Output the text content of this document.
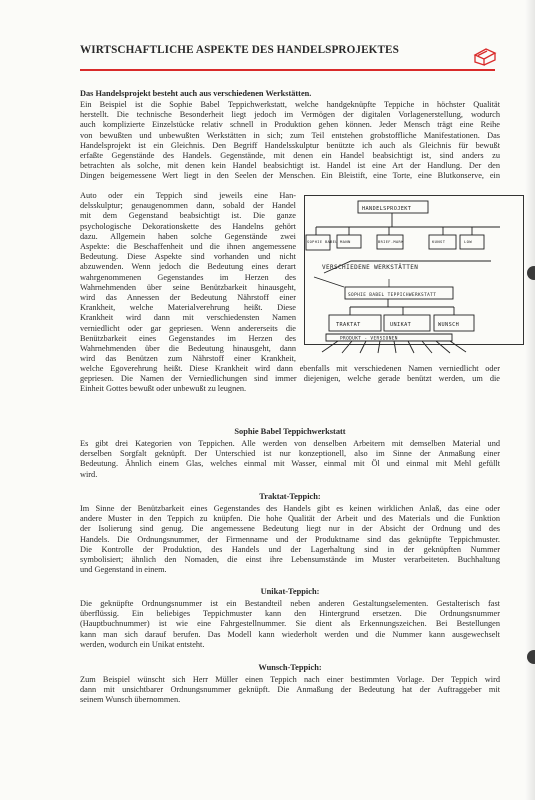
WIRTSCHAFTLICHE ASPEKTE DES HANDELSPROJEKTES
Das Handelsprojekt besteht auch aus verschiedenen Werkstätten.
Ein Beispiel ist die Sophie Babel Teppichwerkstatt, welche handgeknüpfte Teppiche in höchster Qualität
herstellt. Die technische Besonderheit liegt jedoch im Vermögen der digitalen Vorlagenerstellung, wodurch
auch komplizierte Einzelstücke relativ schnell in Produktion gehen können. Jeder Mensch trägt eine Reihe
von bewußten und unbewußten Werkstätten in sich; zum Teil entstehen grobstoffliche Manifestationen. Das
Handelsprojekt ist ein Gleichnis. Den Begriff Handelsskulptur benützte ich auch als Gleichnis für bewußt
erfaßte Gegenstände des Handels. Gegenstände, mit denen ein Handel beabsichtigt ist, sind anders zu
betrachten als solche, mit denen kein Handel beabsichtigt ist. Handel ist eine Art der Handlung. Der den
Dingen beigemessene Wert liegt in den Seelen der Menschen. Ein Bleistift, eine Torte, eine Blutkonserve, ein
Auto oder ein Teppich sind jeweils eine Han-
delsskulptur; genaugenommen dann, sobald der Handel
mit dem Gegenstand beabsichtigt ist. Die ganze
psychologische Dekorationskette des Handelns gehört
dazu. Allgemein haben solche Gegenstände zwei
Aspekte: die Beschaffenheit und die ihnen angemessene
Bedeutung. Diese Aspekte sind vorhanden und nicht
abzuwenden. Wenn jedoch die Bedeutung eines derart
wahrgenommenen Gegenstandes im Herzen des
Wahrnehmenden über seine Benützbarkeit hinausgeht,
wird das Annessen der Bedeutung Nährstoff einer
Krankheit, welche Materialverehrung heißt. Diese
Krankheit wird dann mit verschiedensten Namen
verniedlicht oder gar gepriesen. Wenn andererseits die
Benützbarkeit eines Gegenstandes im Herzen des
Wahrnehmenden über die Bedeutung hinausgeht, dann
wird das Benützen zum Nährstoff einer Krankheit,
welche Egoverehrung heißt. Diese Krankheit wird dann ebenfalls mit verschiedenen Namen verniedlicht oder
gepriesen. Die Namen der Verniedlichungen sind immer diejenigen, welche gerade benützt werden, um die
Einheit Gottes bewußt oder unbewußt zu leugnen.
HANDELSPROJEKT
SOPHIE BABEL MANN	BRIEF-MARK	KUNST	LOW
VERSCHIEDENE WERKSTÄTTEN
SOPHIE BABEL TEPPICHWERKSTATT
TRAKTAT	UNIKAT	WUNSCH
PRODUKT - VERSIONEN
Sophie Babel Teppichwerkstatt
Es gibt drei Kategorien von Teppichen. Alle werden von denselben Arbeitern mit demselben Material und
derselben Sorgfalt geknüpft. Der Unterschied ist nur konzeptionell, also im Sinne der Anmaßung einer
Bedeutung. Ähnlich einem Glas, welches einmal mit Wasser, einmal mit Öl und einmal mit Mehl gefüllt
wird.
Traktat-Teppich:
Im Sinne der Benützbarkeit eines Gegenstandes des Handels gibt es keinen wirklichen Anlaß, das eine oder
andere Muster in den Teppich zu knüpfen. Die hohe Qualität der Arbeit und des Materials und die Funktion
der Isolierung sind genug. Die angemessene Bedeutung liegt nur in der Absicht der Ordnung und des
Handels. Die Ordnungsnummer, der Firmenname und der Produktname sind das geknüpfte Teppichmuster.
Die Kontrolle der Produktion, des Handels und der Lagerhaltung sind in der geknüpften Nummer
symbolisiert; ähnlich den Nomaden, die einst ihre Lebensumstände im Muster verarbeiteten. Buchhaltung
und Gegenstand in einem.
Unikat-Teppich:
Die geknüpfte Ordnungsnummer ist ein Bestandteil neben anderen Gestaltungselementen. Gestalterisch fast
überflüssig. Ein beliebiges Teppichmuster kann den Hintergrund ersetzen. Die Ordnungsnummer
(Hauptbuchnummer) ist wie eine Fahrgestellnummer. Sie dient als Erkennungszeichen. Bei Bestellungen
kann man sich darauf berufen. Das Modell kann wiederholt werden und die Nummer kann ausgewechselt
werden, wodurch ein Unikat entsteht.
Wunsch-Teppich:
Zum Beispiel wünscht sich Herr Müller einen Teppich nach einer bestimmten Vorlage. Der Teppich wird
dann mit unsichtbarer Ordnungsnummer geknüpft. Die Anmaßung der Bedeutung hat der Auftraggeber mit
seinem Wunsch übernommen.
